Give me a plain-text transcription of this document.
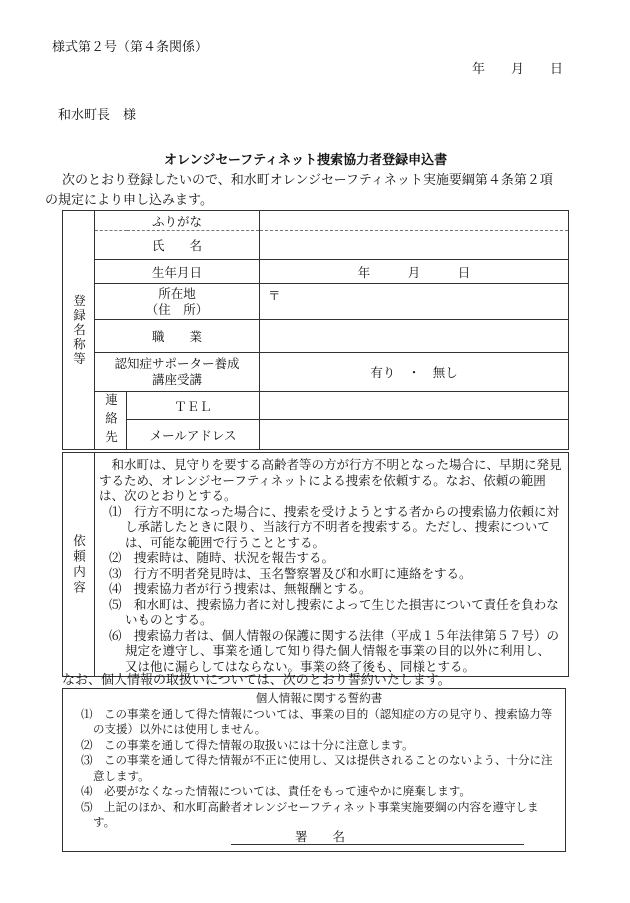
様式第２号（第４条関係）
年　　月　　日
和水町長　様
オレンジセーフティネット捜索協力者登録申込書
次のとおり登録したいので、和水町オレンジセーフティネット実施要綱第４条第２項
の規定により申し込みます。
登録名称等	ふりがな		
	氏　　名		
	生年月日		年　　　月　　　日

	所在地
（住　所）		〒
	職　　業		

	認知症サポーター養成
講座受講		有り　・　無し

	連絡先	ＴＥＬ	
		メールアドレス	
依頼内容

和水町は、見守りを要する高齢者等の方が行方不明となった場合に、早期に発見するため、オレンジセーフティネットによる捜索を依頼する。なお、依頼の範囲は、次のとおりとする。

⑴　行方不明になった場合に、捜索を受けようとする者からの捜索協力依頼に対し承諾したときに限り、当該行方不明者を捜索する。ただし、捜索については、可能な範囲で行うこととする。

⑵　捜索時は、随時、状況を報告する。

⑶　行方不明者発見時は、玉名警察署及び和水町に連絡をする。

⑷　捜索協力者が行う捜索は、無報酬とする。

⑸　和水町は、捜索協力者に対し捜索によって生じた損害について責任を負わないものとする。

⑹　捜索協力者は、個人情報の保護に関する法律（平成１５年法律第５７号）の規定を遵守し、事業を通して知り得た個人情報を事業の目的以外に利用し、又は他に漏らしてはならない。事業の終了後も、同様とする。

なお、個人情報の取扱いについては、次のとおり誓約いたします。

個人情報に関する誓約書

⑴　この事業を通して得た情報については、事業の目的（認知症の方の見守り、捜索協力等の支援）以外には使用しません。

⑵　この事業を通して得た情報の取扱いには十分に注意します。

⑶　この事業を通して得た情報が不正に使用し、又は提供されることのないよう、十分に注意します。

⑷　必要がなくなった情報については、責任をもって速やかに廃棄します。

⑸　上記のほか、和水町高齢者オレンジセーフティネット事業実施要綱の内容を遵守します。

署　　名
